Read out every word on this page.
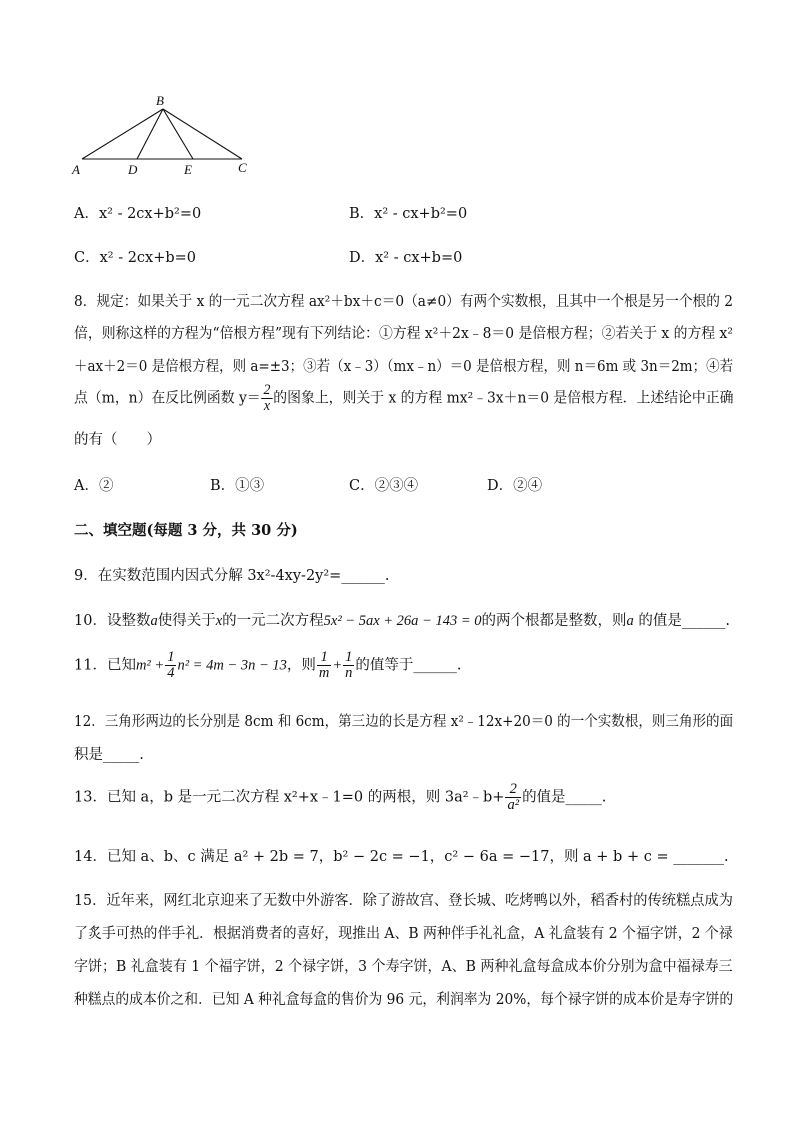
B
A	D	E	C
A．x² - 2cx+b²=0	B．x² - cx+b²=0
C．x² - 2cx+b=0	D．x² - cx+b=0
8．规定：如果关于 x 的一元二次方程 ax²＋bx＋c＝0（a≠0）有两个实数根，且其中一个根是另一个根的 2
倍，则称这样的方程为“倍根方程”现有下列结论：①方程 x²＋2x﹣8＝0 是倍根方程；②若关于 x 的方程 x²
＋ax＋2＝0 是倍根方程，则 a=±3；③若（x﹣3）（mx﹣n）＝0 是倍根方程，则 n＝6m 或 3n＝2m；④若
点（m，n）在反比例函数 $y= \frac{2}{x}$ 的图象上，则关于 x 的方程 mx²﹣3x＋n＝0 是倍根方程．上述结论中正确
的有（　　）
A．②	B．①③	C．②③④	D．②④
二、填空题(每题 3 分，共 30 分)
9．在实数范围内因式分解 3x²-4xy-2y²=______.
10．设整数a使得关于x的一元二次方程5x² − 5ax + 26a − 143 = 0的两个根都是整数，则a 的值是______.
11．已知$m^2 + \frac{1}{4} n^2 = 4m - 3n - 13$，则 $\frac{1}{m} + \frac{1}{n}$ 的值等于______.
12．三角形两边的长分别是 8cm 和 6cm，第三边的长是方程 x²﹣12x+20＝0 的一个实数根，则三角形的面
积是_____.
13．已知 a，b 是一元二次方程 x²+x﹣1=0 的两根，则 3a²﹣b+ $\frac{2}{\text{a²}}$ 的值是_____.
14．已知 a、b、c 满足 a² + 2b = 7，b² − 2c = −1，c² − 6a = −17，则 a + b + c = _______.
15．近年来，网红北京迎来了无数中外游客．除了游故宫、登长城、吃烤鸭以外，稻香村的传统糕点成为
了炙手可热的伴手礼．根据消费者的喜好，现推出 A、B 两种伴手礼礼盒，A 礼盒装有 2 个福字饼，2 个禄
字饼；B 礼盒装有 1 个福字饼，2 个禄字饼，3 个寿字饼，A、B 两种礼盒每盒成本价分别为盒中福禄寿三
种糕点的成本价之和．已知 A 种礼盒每盒的售价为 96 元，利润率为 20%，每个禄字饼的成本价是寿字饼的
